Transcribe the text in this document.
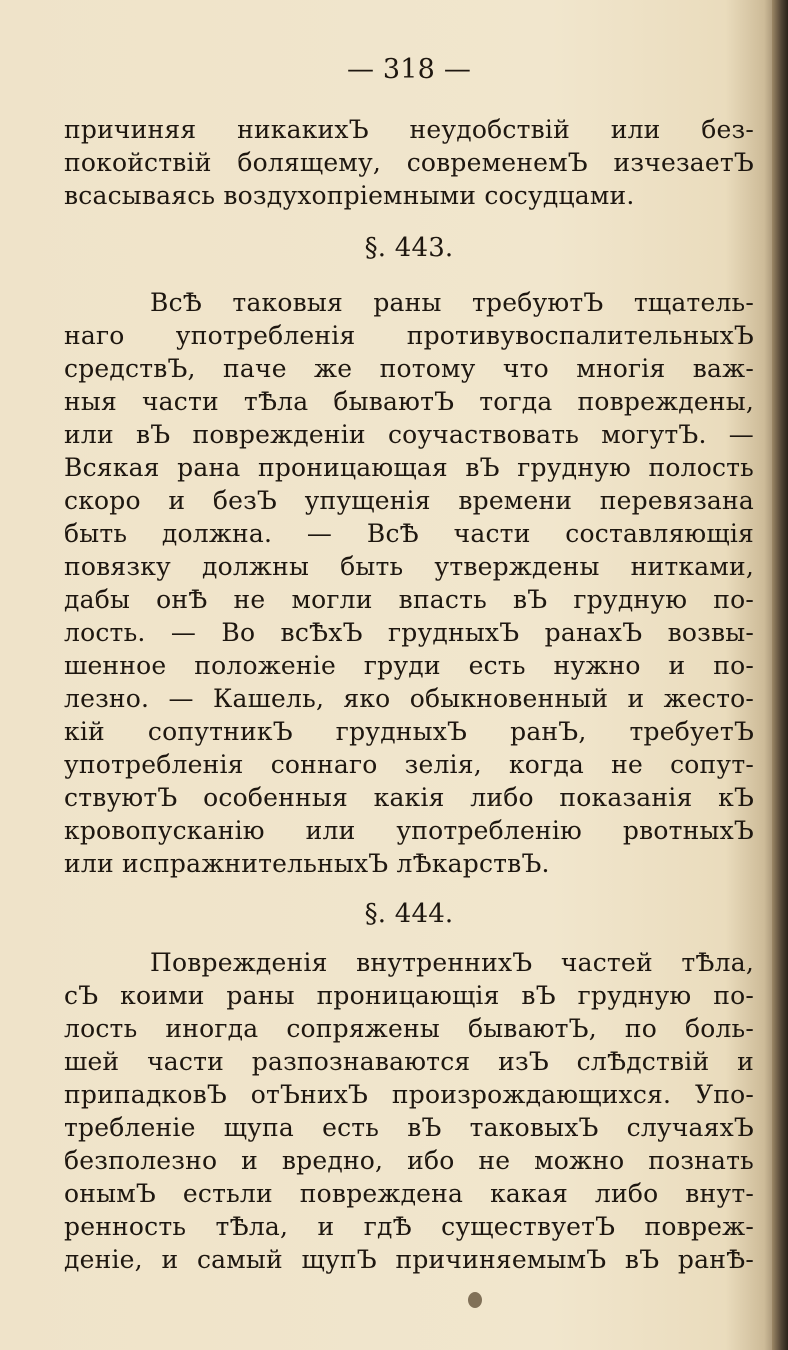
— 318 —
причиняя никакихЪ неудобствій или без-
покойствій болящему, современемЪ изчезаетЪ
всасываясь воздухопріемными сосудцами.
§. 443.
ВсѢ таковыя раны требуютЪ тщатель-
наго употребленія противувоспалительныхЪ
средствЪ, паче же потому что многія важ-
ныя части тѢла бываютЪ тогда повреждены,
или вЪ поврежденіи соучаствовать могутЪ. —
Всякая рана проницающая вЪ грудную полость
скоро и безЪ упущенія времени перевязана
быть должна. — ВсѢ части составляющія
повязку должны быть утверждены нитками,
дабы онѢ не могли впасть вЪ грудную по-
лость. — Во всѢхЪ грудныхЪ ранахЪ возвы-
шенное положеніе груди есть нужно и по-
лезно. — Кашель, яко обыкновенный и жесто-
кій сопутникЪ грудныхЪ ранЪ, требуетЪ
употребленія соннаго зелія, когда не сопут-
ствуютЪ особенныя какія либо показанія кЪ
кровопусканію или употребленію рвотныхЪ
или испражнительныхЪ лѢкарствЪ.
§. 444.
Поврежденія внутреннихЪ частей тѢла,
сЪ коими раны проницающія вЪ грудную по-
лость иногда сопряжены бываютЪ, по боль-
шей части разпознаваются изЪ слѢдствій и
припадковЪ отЪнихЪ произрождающихся. Упо-
требленіе щупа есть вЪ таковыхЪ случаяхЪ
безполезно и вредно, ибо не можно познать
онымЪ естьли повреждена какая либо внут-
ренность тѢла, и гдѢ существуетЪ повреж-
деніе, и самый щупЪ причиняемымЪ вЪ ранѢ-
